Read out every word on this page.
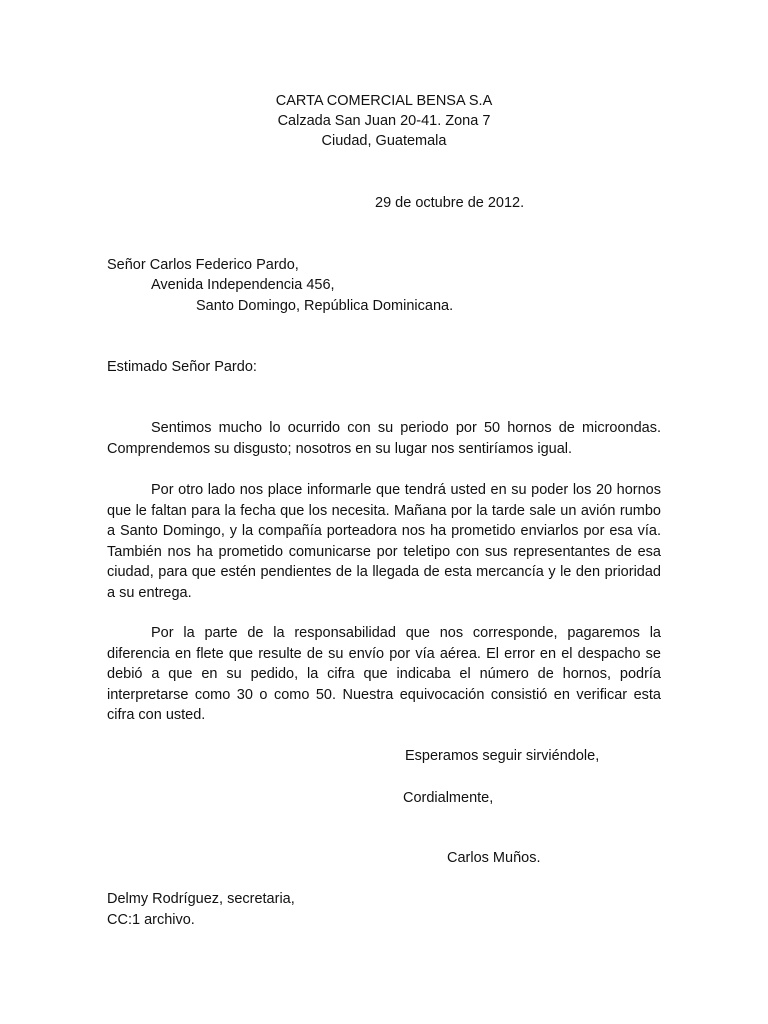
CARTA COMERCIAL BENSA S.A
Calzada San Juan 20-41. Zona 7
Ciudad, Guatemala
29 de octubre de 2012.
Señor Carlos Federico Pardo,
Avenida Independencia 456,
Santo Domingo, República Dominicana.
Estimado Señor Pardo:
Sentimos mucho lo ocurrido con su periodo por 50 hornos de microondas. Comprendemos su disgusto; nosotros en su lugar nos sentiríamos igual.
Por otro lado nos place informarle que tendrá usted en su poder los 20 hornos  que le faltan para la fecha que los necesita. Mañana por la tarde sale un avión rumbo a Santo Domingo, y la compañía porteadora nos ha prometido enviarlos por esa vía. También nos ha prometido comunicarse por teletipo con sus representantes de esa ciudad, para que estén pendientes de la llegada de esta mercancía y le den prioridad a su entrega.
Por la parte de la responsabilidad que nos corresponde, pagaremos la diferencia en flete que resulte de su envío por vía aérea. El error en el despacho se debió a que en su pedido, la cifra que indicaba el número de hornos, podría interpretarse como 30 o como 50. Nuestra equivocación consistió en verificar esta cifra con usted.
Esperamos seguir sirviéndole,
Cordialmente,
Carlos Muños.
Delmy Rodríguez, secretaria,
CC:1 archivo.
